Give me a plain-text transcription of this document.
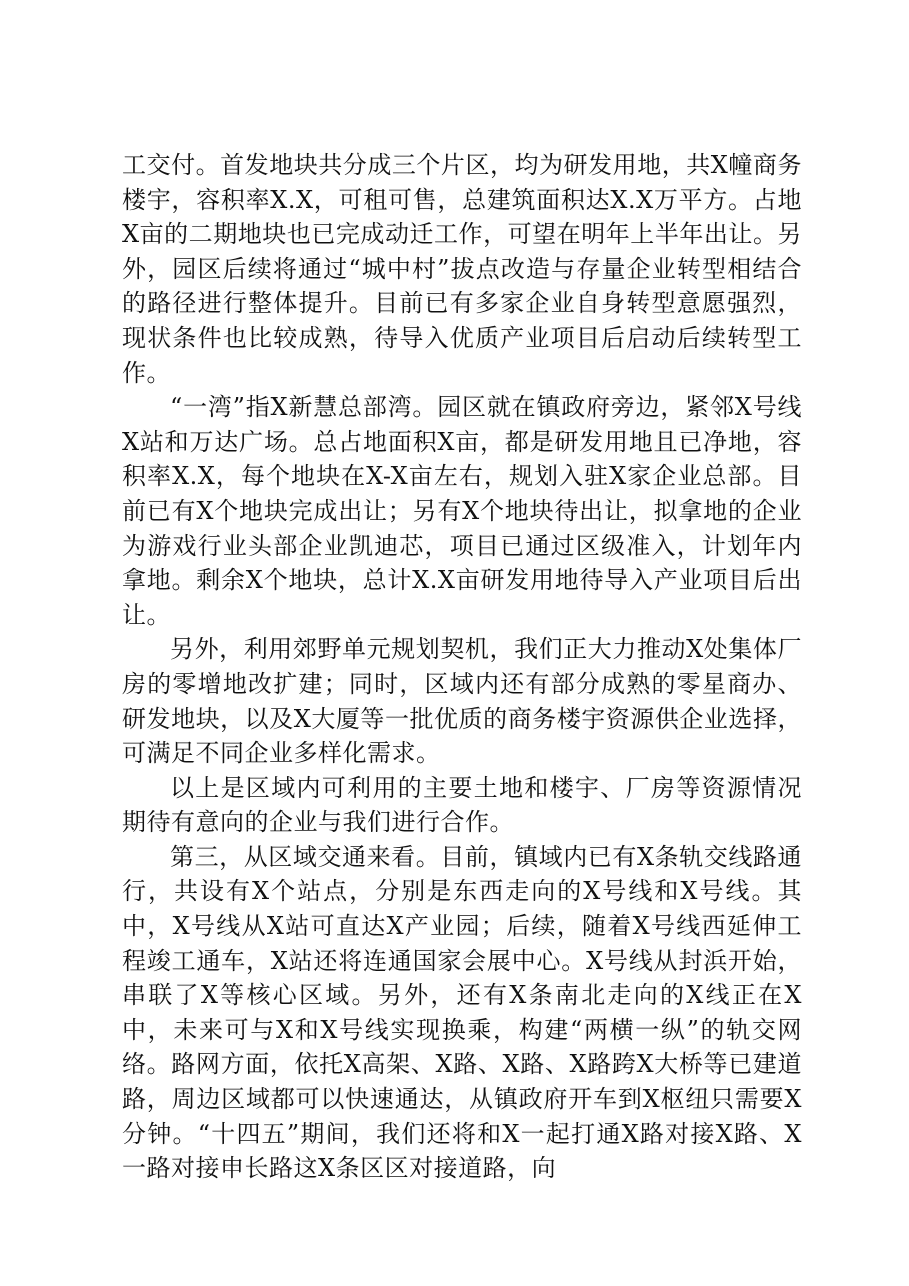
工交付。首发地块共分成三个片区，均为研发用地，共X幢商务楼宇，容积率X.X，可租可售，总建筑面积达X.X万平方。占地X亩的二期地块也已完成动迁工作，可望在明年上半年出让。另外，园区后续将通过“城中村”拔点改造与存量企业转型相结合的路径进行整体提升。目前已有多家企业自身转型意愿强烈，现状条件也比较成熟，待导入优质产业项目后启动后续转型工作。

“一湾”指X新慧总部湾。园区就在镇政府旁边，紧邻X号线X站和万达广场。总占地面积X亩，都是研发用地且已净地，容积率X.X，每个地块在X-X亩左右，规划入驻X家企业总部。目前已有X个地块完成出让；另有X个地块待出让，拟拿地的企业为游戏行业头部企业凯迪芯，项目已通过区级准入，计划年内拿地。剩余X个地块，总计X.X亩研发用地待导入产业项目后出让。

另外，利用郊野单元规划契机，我们正大力推动X处集体厂房的零增地改扩建；同时，区域内还有部分成熟的零星商办、研发地块，以及X大厦等一批优质的商务楼宇资源供企业选择，可满足不同企业多样化需求。

以上是区域内可利用的主要土地和楼宇、厂房等资源情况期待有意向的企业与我们进行合作。

第三，从区域交通来看。目前，镇域内已有X条轨交线路通行，共设有X个站点，分别是东西走向的X号线和X号线。其中，X号线从X站可直达X产业园；后续，随着X号线西延伸工程竣工通车，X站还将连通国家会展中心。X号线从封浜开始，串联了X等核心区域。另外，还有X条南北走向的X线正在X中，未来可与X和X号线实现换乘，构建“两横一纵”的轨交网络。路网方面，依托X高架、X路、X路、X路跨X大桥等已建道路，周边区域都可以快速通达，从镇政府开车到X枢纽只需要X分钟。“十四五”期间，我们还将和X一起打通X路对接X路、X一路对接申长路这X条区区对接道路，向
